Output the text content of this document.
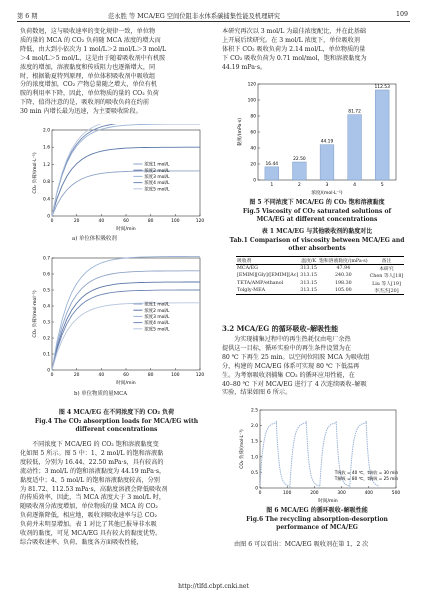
第 6 期	范永胜 等 MCA/EG 空间位阻非水体系碳捕集性能及机理研究	109

负荷数迥，这与吸收速率的变化规律一致，单位物

质的量的 MCA 的 CO₂ 负荷随 MCA 浓度的增大而

降低，由大到小依次为 1 mol/L＞2 mol/L＞3 mol/L

＞4 mol/L＞5 mol/L，这是由于随着吸收剂中有机胺

浓度的增加，溶液黏度和传质阻力也逐渐增大，同

时，根据勒夏特列原理，单位体积吸收剂中吸收组

分的浓度增加，CO₂ 产物总量随之增大，单位有机

胺的利用率下降，因此，单位物质的量的 CO₂ 负荷

下降，值得注意的是，吸收剂的吸收负荷在约前

30 min 内增长最为迅速，为主要吸收阶段。

0	20	40	60	80	100	120
0
0.4
0.8
1.2
1.6
2.0
时间/min
CO₂ 负荷/(mol·L⁻¹)	浓度1 mol/L
浓度2 mol/L
浓度3 mol/L
浓度4 mol/L
浓度5 mol/L
a) 单位体积吸收剂
0	20	40	60	80	100	120
0
0.1
0.2
0.3
0.4
0.5
0.6
0.7
时间/min
CO₂ 负荷/(mol·mol⁻¹)	浓度1 mol/L
浓度2 mol/L
浓度3 mol/L
浓度4 mol/L
浓度5 mol/L
b) 单位物质的量MCA
图 4 MCA/EG 在不同浓度下的 CO₂ 负荷
Fig.4 The CO₂ absorption loads for MCA/EG with different concentrations

不同浓度下 MCA/EG 的 CO₂ 饱和溶液黏度变

化如图 5 所示。图 5 中：1、2 mol/L 的饱和溶液黏

度较低，分别为 16.44、22.50 mPa·s，具有较高的

流动性；3 mol/L 的饱和溶液黏度为 44.19 mPa·s，

黏度适中；4、5 mol/L 的饱和溶液黏度较高，分别

为 81.72、112.53 mPa·s，高黏度溶液会降低吸收剂

的传质效率，因此，当 MCA 浓度大于 3 mol/L 时，

随吸收剂分浓度增加，单位物质的量 MCA 的 CO₂

负荷逐渐降低，相应地，吸收剂吸收速率与总 CO₂

负荷并未明显增加。表 1 对比了其他已报导非水吸

收剂的黏度，可见 MCA/EG 具有较大的黏度优势。

综合吸收速率、负荷、黏度各方面吸收性能，

本研究再次以 3 mol/L 为最佳浓度配比，并在此基础

上开展后续研究。在 3 mol/L 浓度下，单位吸收剂

体积下 CO₂ 吸收负荷为 2.14 mol/L，单位物质的量

下 CO₂ 吸收负荷为 0.71 mol/mol，饱和溶液黏度为

44.19 mPa·s。

0
20
40
60
80
100
120
16.44
1
22.50
2
44.19
3
81.72
4
112.53
5
浓度/(mol·L⁻¹)
黏度/(mPa·s)
图 5 不同浓度下 MCA/EG 的 CO₂ 饱和溶液黏度
Fig.5 Viscosity of CO₂ saturated solutions of MCA/EG at different concentrations
表 1 MCA/EG 与其他吸收剂的黏度对比
Tab.1 Comparison of viscosity between MCA/EG and other absorbents
吸收剂	温度/K	饱和溶液黏度/(mPa·s)	备注
MCA/EG	313.15	47.94	本研究
[EMIM][Gly]/[EMIM][Ac]	313.15	240.30	Chen 等人[18]
TETA/AMP/ethanol	313.15	198.30	Liu 等人[19]
Tolgly-MEA	313.15	105.00	李杰杰[20]
3.2 MCA/EG 的循环吸收–解吸性能

为实现捕集过程中的再生热耗仅由电厂余热

提供这一目标，循环实验中的再生条件设置为在

80 ℃ 下再生 25 min。以空间位阻胺 MCA 为吸收组

分，构建的 MCA/EG 体系可实现 80 ℃ 下低温再

生。为考察吸收剂捕集 CO₂ 的循环应用性能，在

40–80 ℃ 下对 MCA/EG 进行了 4 次连续吸收–解吸

实验，结果如图 6 所示。

0
0.5
1.0
1.5
2.0
2.5
0	100	200	300	400	500
T吸收 = 40 ℃，t吸收 = 30 min
T解吸 = 80 ℃，t解吸 = 25 min
时间/min
CO₂ 负荷/(mol·L⁻¹)
图 6 MCA/EG 的循环吸收–解吸性能
Fig.6 The recycling absorption-desorption performance of MCA/EG

由图 6 可以看出：MCA/EG 吸收剂在第 1、2 次

http://tlfd.cbpt.cnki.net
